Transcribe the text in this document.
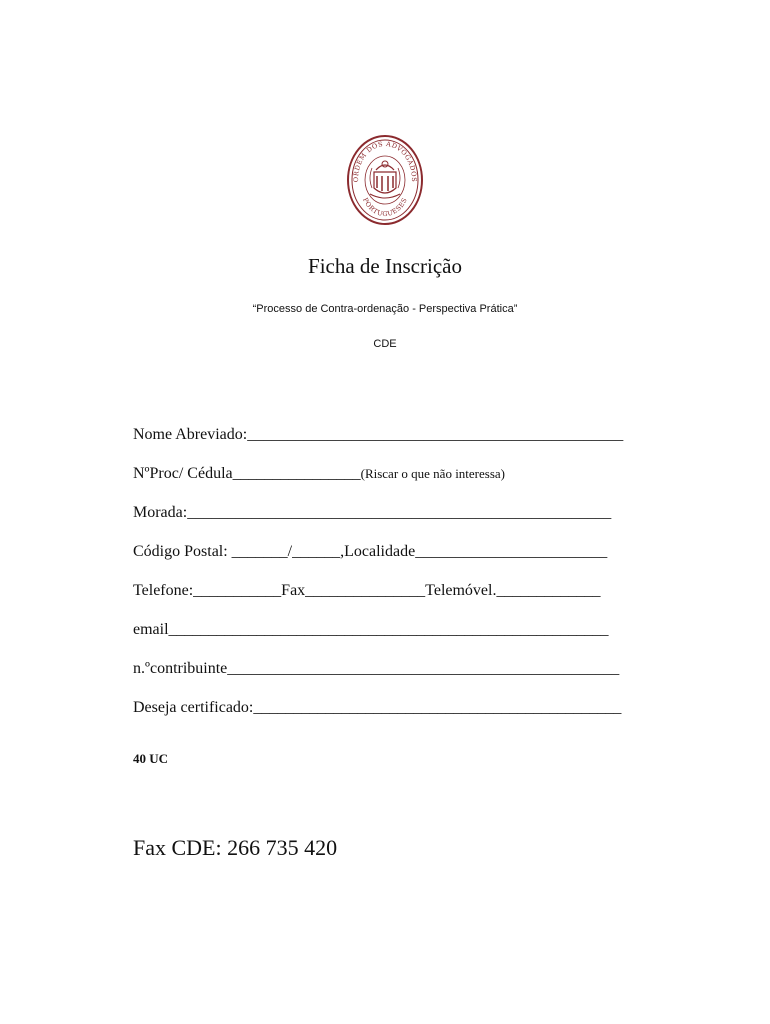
ORDEM DOS ADVOGADOS
PORTUGUESES
Ficha de Inscrição
“Processo de Contra-ordenação - Perspectiva Prática”
CDE
Nome Abreviado:_______________________________________________
NºProc/ Cédula________________(Riscar o que não interessa)
Morada:_____________________________________________________
Código Postal: _______/______,Localidade________________________
Telefone:___________Fax_______________Telemóvel._____________
email_______________________________________________________
n.ºcontribuinte_________________________________________________
Deseja certificado:______________________________________________
40 UC
Fax CDE: 266 735 420
